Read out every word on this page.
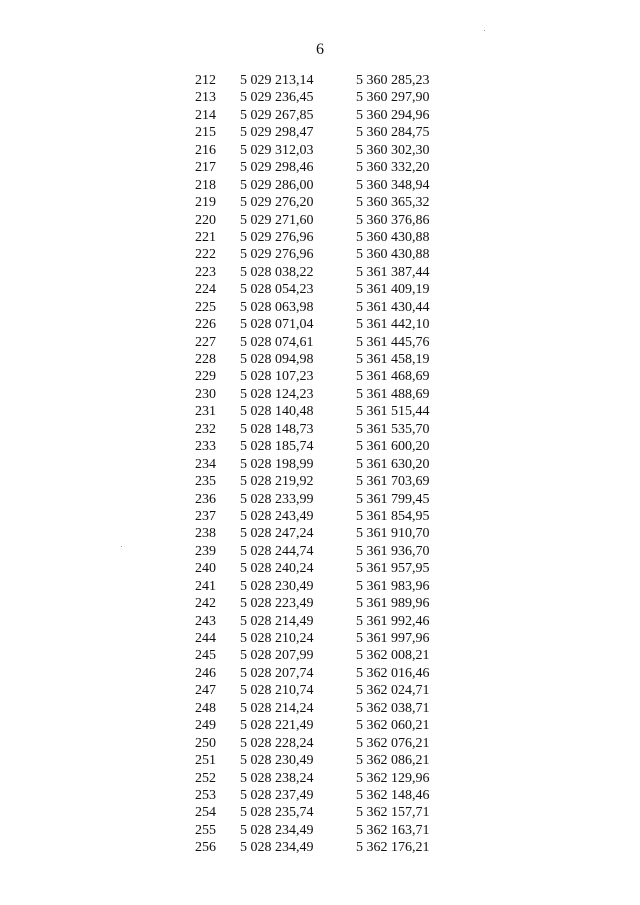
6
212	5 029 213,14	5 360 285,23
213	5 029 236,45	5 360 297,90
214	5 029 267,85	5 360 294,96
215	5 029 298,47	5 360 284,75
216	5 029 312,03	5 360 302,30
217	5 029 298,46	5 360 332,20
218	5 029 286,00	5 360 348,94
219	5 029 276,20	5 360 365,32
220	5 029 271,60	5 360 376,86
221	5 029 276,96	5 360 430,88
222	5 029 276,96	5 360 430,88
223	5 028 038,22	5 361 387,44
224	5 028 054,23	5 361 409,19
225	5 028 063,98	5 361 430,44
226	5 028 071,04	5 361 442,10
227	5 028 074,61	5 361 445,76
228	5 028 094,98	5 361 458,19
229	5 028 107,23	5 361 468,69
230	5 028 124,23	5 361 488,69
231	5 028 140,48	5 361 515,44
232	5 028 148,73	5 361 535,70
233	5 028 185,74	5 361 600,20
234	5 028 198,99	5 361 630,20
235	5 028 219,92	5 361 703,69
236	5 028 233,99	5 361 799,45
237	5 028 243,49	5 361 854,95
238	5 028 247,24	5 361 910,70
239	5 028 244,74	5 361 936,70
240	5 028 240,24	5 361 957,95
241	5 028 230,49	5 361 983,96
242	5 028 223,49	5 361 989,96
243	5 028 214,49	5 361 992,46
244	5 028 210,24	5 361 997,96
245	5 028 207,99	5 362 008,21
246	5 028 207,74	5 362 016,46
247	5 028 210,74	5 362 024,71
248	5 028 214,24	5 362 038,71
249	5 028 221,49	5 362 060,21
250	5 028 228,24	5 362 076,21
251	5 028 230,49	5 362 086,21
252	5 028 238,24	5 362 129,96
253	5 028 237,49	5 362 148,46
254	5 028 235,74	5 362 157,71
255	5 028 234,49	5 362 163,71
256	5 028 234,49	5 362 176,21
